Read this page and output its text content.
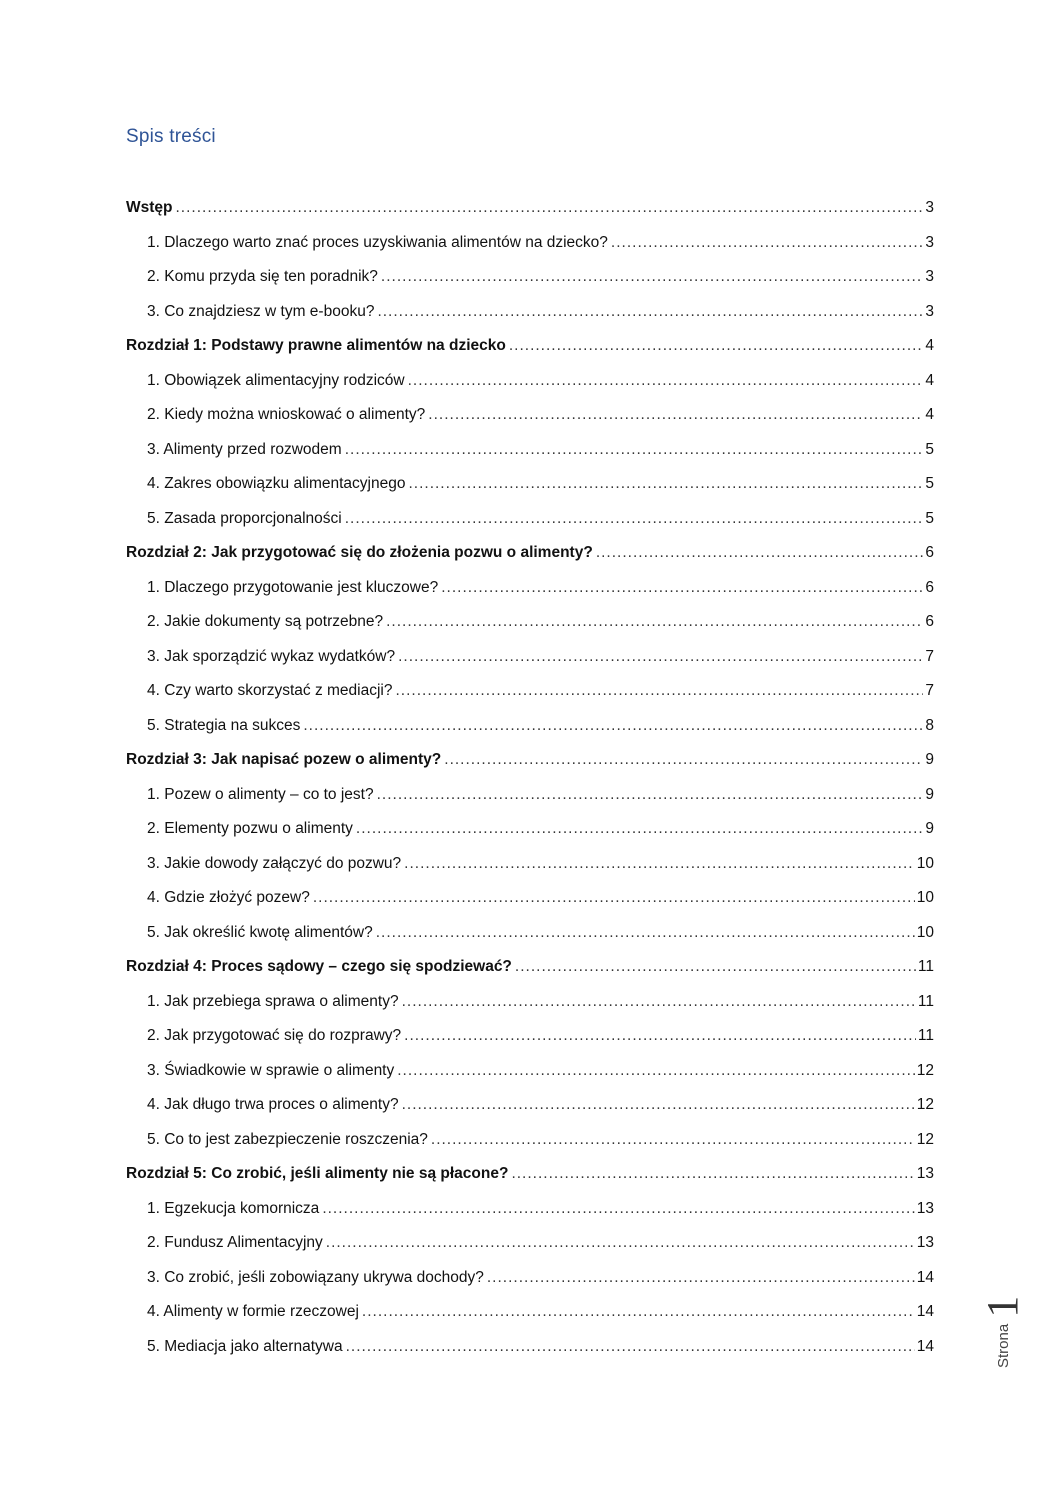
Spis treści
Wstęp .....	3
1. Dlaczego warto znać proces uzyskiwania alimentów na dziecko? .....	3
2. Komu przyda się ten poradnik? .....	3
3. Co znajdziesz w tym e-booku? .....	3
Rozdział 1: Podstawy prawne alimentów na dziecko .....	4
1. Obowiązek alimentacyjny rodziców .....	4
2. Kiedy można wnioskować o alimenty? .....	4
3. Alimenty przed rozwodem .....	5
4. Zakres obowiązku alimentacyjnego .....	5
5. Zasada proporcjonalności .....	5
Rozdział 2: Jak przygotować się do złożenia pozwu o alimenty? .....	6
1. Dlaczego przygotowanie jest kluczowe? .....	6
2. Jakie dokumenty są potrzebne? .....	6
3. Jak sporządzić wykaz wydatków? .....	7
4. Czy warto skorzystać z mediacji? .....	7
5. Strategia na sukces .....	8
Rozdział 3: Jak napisać pozew o alimenty? .....	9
1. Pozew o alimenty – co to jest? .....	9
2. Elementy pozwu o alimenty .....	9
3. Jakie dowody załączyć do pozwu? .....	10
4. Gdzie złożyć pozew? .....	10
5. Jak określić kwotę alimentów? .....	10
Rozdział 4: Proces sądowy – czego się spodziewać? .....	11
1. Jak przebiega sprawa o alimenty? .....	11
2. Jak przygotować się do rozprawy? .....	11
3. Świadkowie w sprawie o alimenty .....	12
4. Jak długo trwa proces o alimenty? .....	12
5. Co to jest zabezpieczenie roszczenia? .....	12
Rozdział 5: Co zrobić, jeśli alimenty nie są płacone? .....	13
1. Egzekucja komornicza .....	13
2. Fundusz Alimentacyjny .....	13
3. Co zrobić, jeśli zobowiązany ukrywa dochody? .....	14
4. Alimenty w formie rzeczowej .....	14
5. Mediacja jako alternatywa .....	14	Strona
1
